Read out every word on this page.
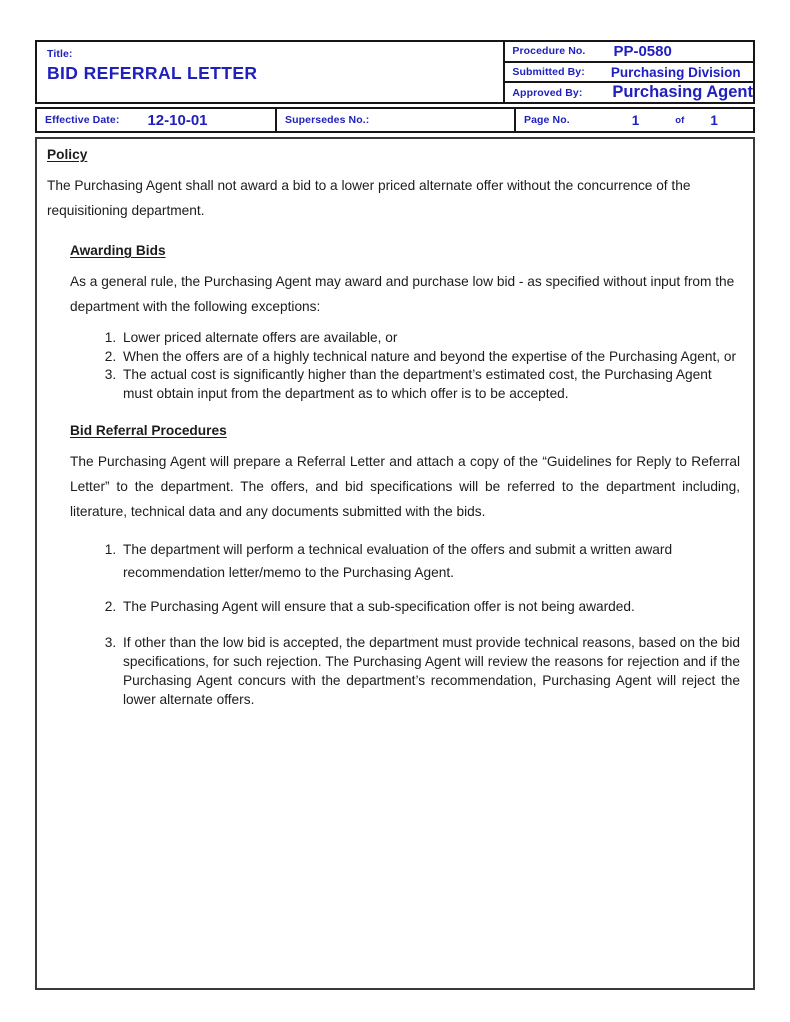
Title:
BID REFERRAL LETTER
Procedure No. PP-0580
Submitted By: Purchasing Division
Approved By: Purchasing Agent
Effective Date: 12-10-01	Supersedes No.:	Page No.	1	of 1
Policy

The Purchasing Agent shall not award a bid to a lower priced alternate offer without the concurrence of the requisitioning department.

Awarding Bids

As a general rule, the Purchasing Agent may award and purchase low bid - as specified without input from the department with the following exceptions:

1. Lower priced alternate offers are available, or
2. When the offers are of a highly technical nature and beyond the expertise of the Purchasing Agent, or
3. The actual cost is significantly higher than the department’s estimated cost, the Purchasing Agent must obtain input from the department as to which offer is to be accepted.
Bid Referral Procedures

The Purchasing Agent will prepare a Referral Letter and attach a copy of the “Guidelines for Reply to Referral Letter” to the department. The offers, and bid specifications will be referred to the department including, literature, technical data and any documents submitted with the bids.

1. The department will perform a technical evaluation of the offers and submit a written award recommendation letter/memo to the Purchasing Agent.
2. The Purchasing Agent will ensure that a sub-specification offer is not being awarded.
3. If other than the low bid is accepted, the department must provide technical reasons, based on the bid specifications, for such rejection. The Purchasing Agent will review the reasons for rejection and if the Purchasing Agent concurs with the department’s recommendation, Purchasing Agent will reject the lower alternate offers.
